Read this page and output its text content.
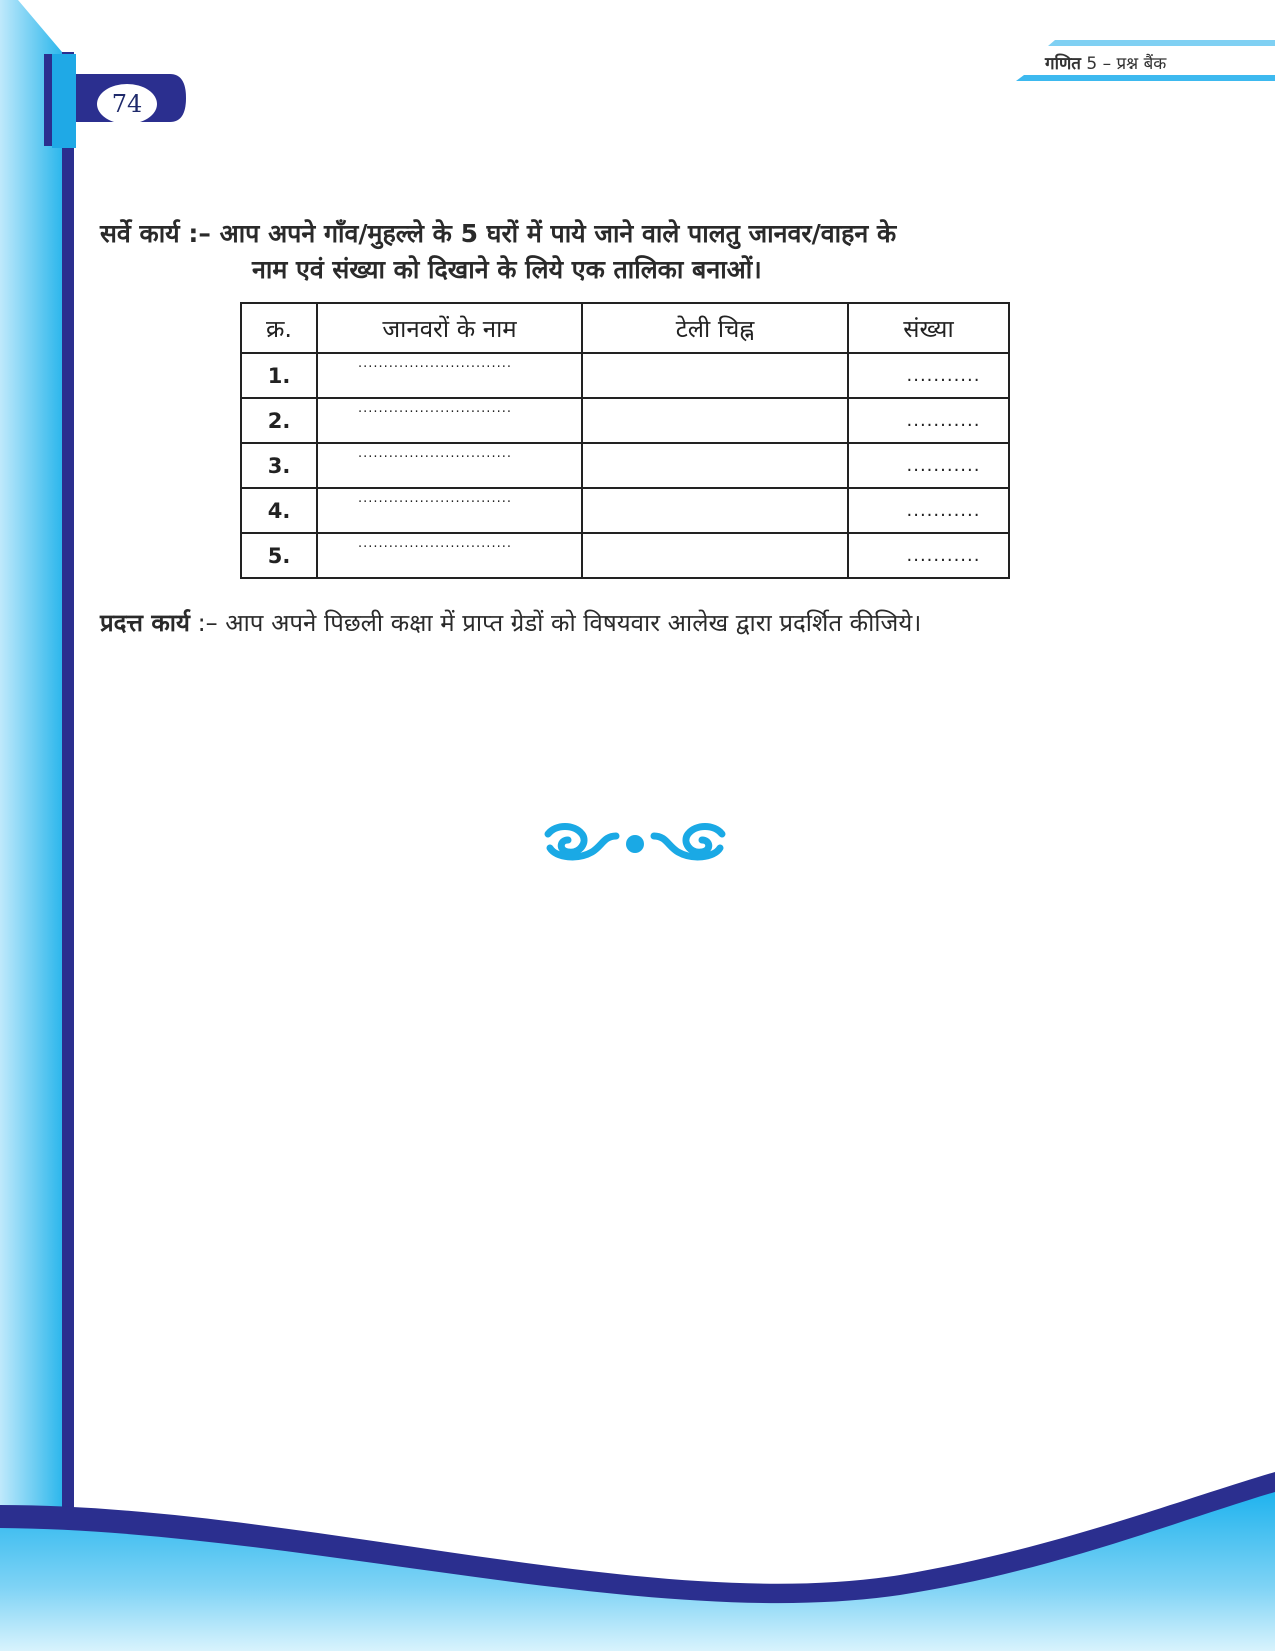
74
गणित 5 – प्रश्न बैंक
सर्वे कार्य :– आप अपने गाँव/मुहल्ले के 5 घरों में पाये जाने वाले पालतु जानवर/वाहन के
नाम एवं संख्या को दिखाने के लिये एक तालिका बनाओं।
क्र.	जानवरों के नाम	टेली चिह्न	संख्या
1.	..............................		...........
2.	..............................		...........
3.	..............................		...........
4.	..............................		...........
5.	..............................		...........
प्रदत्त कार्य :– आप अपने पिछली कक्षा में प्राप्त ग्रेडों को विषयवार आलेख द्वारा प्रदर्शित कीजिये।
